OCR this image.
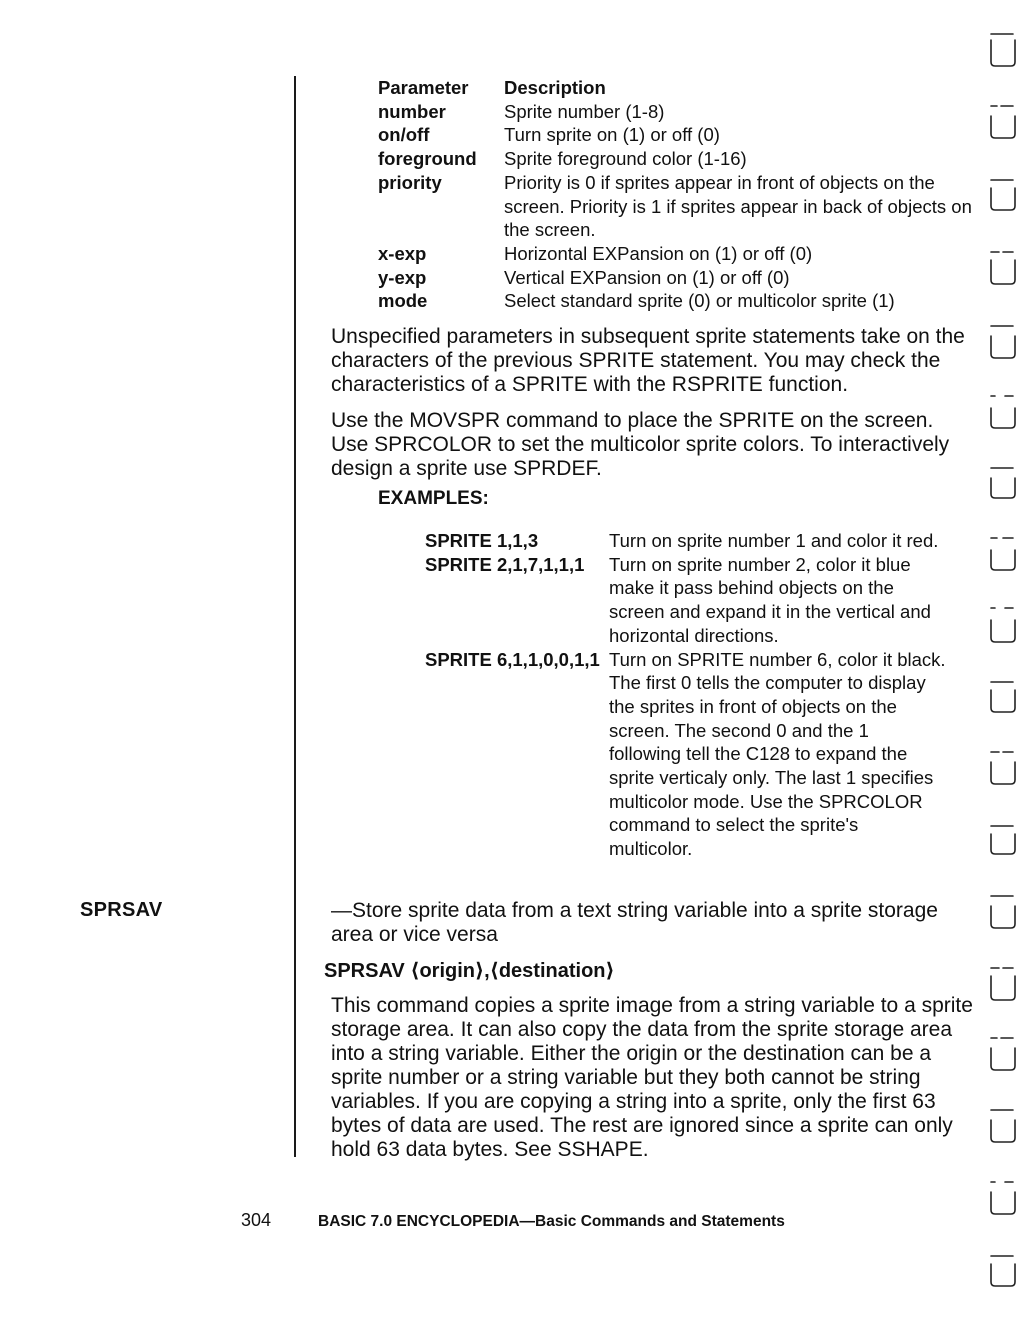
Parameter	Description
number	Sprite number (1-8)
on/off	Turn sprite on (1) or off (0)
foreground	Sprite foreground color (1-16)
priority	Priority is 0 if sprites appear in front of objects on the screen. Priority is 1 if sprites appear in back of objects on the screen.
x-exp	Horizontal EXPansion on (1) or off (0)
y-exp	Vertical EXPansion on (1) or off (0)
mode	Select standard sprite (0) or multicolor sprite (1)

Unspecified parameters in subsequent sprite statements take on the characters of the previous SPRITE statement. You may check the characteristics of a SPRITE with the RSPRITE function.

Use the MOVSPR command to place the SPRITE on the screen. Use SPRCOLOR to set the multicolor sprite colors. To interactively design a sprite use SPRDEF.

EXAMPLES:

SPRITE 1,1,3	Turn on sprite number 1 and color it red.
SPRITE 2,1,7,1,1,1	Turn on sprite number 2, color it blue
make it pass behind objects on the
screen and expand it in the vertical and
horizontal directions.
SPRITE 6,1,1,0,0,1,1 Turn on SPRITE number 6, color it black.
The first 0 tells the computer to display
the sprites in front of objects on the
screen. The second 0 and the 1
following tell the C128 to expand the
sprite verticaly only. The last 1 specifies
multicolor mode. Use the SPRCOLOR
command to select the sprite's
multicolor.

SPRSAV	—Store sprite data from a text string variable into a sprite storage area or vice versa

SPRSAV ⟨origin⟩,⟨destination⟩

This command copies a sprite image from a string variable to a sprite storage area. It can also copy the data from the sprite storage area into a string variable. Either the origin or the destination can be a sprite number or a string variable but they both cannot be string variables. If you are copying a string into a sprite, only the first 63 bytes of data are used. The rest are ignored since a sprite can only hold 63 data bytes. See SSHAPE.

304	BASIC 7.0 ENCYCLOPEDIA—Basic Commands and Statements
